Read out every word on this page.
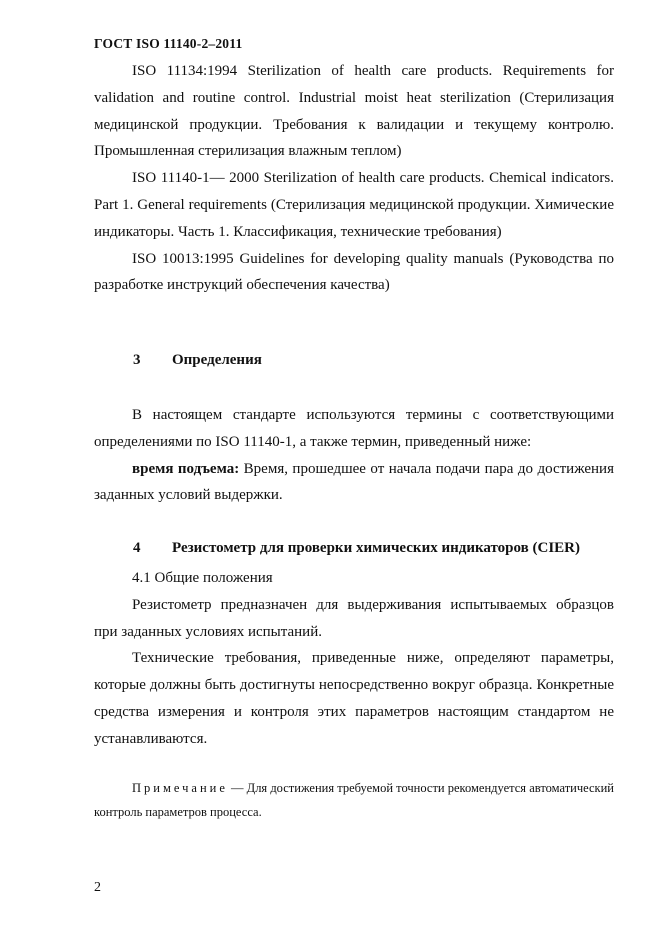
ГОСТ ISO 11140-2–2011

ISO 11134:1994 Sterilization of health care products. Requirements for validation and routine control. Industrial moist heat sterilization (Стерилизация медицинской продукции. Требования к валидации и текущему контролю. Промышленная стерилизация влажным теплом)

ISO 11140-1— 2000 Sterilization of health care products. Chemical indicators. Part 1. General requirements (Стерилизация медицинской продукции. Химические индикаторы. Часть 1. Классификация, технические требования)

ISO 10013:1995 Guidelines for developing quality manuals (Руководства по разработке инструкций обеспечения качества)

3 Определения

В настоящем стандарте используются термины с соответствующими определениями по ISO 11140-1, а также термин, приведенный ниже:

время подъема: Время, прошедшее от начала подачи пара до достижения заданных условий выдержки.

4 Резистометр для проверки химических индикаторов (CIER)

4.1 Общие положения

Резистометр предназначен для выдерживания испытываемых образцов при заданных условиях испытаний.

Технические требования, приведенные ниже, определяют параметры, которые должны быть достигнуты непосредственно вокруг образца. Конкретные средства измерения и контроля этих параметров настоящим стандартом не устанавливаются.

Примечание — Для достижения требуемой точности рекомендуется автоматический контроль параметров процесса.
2
